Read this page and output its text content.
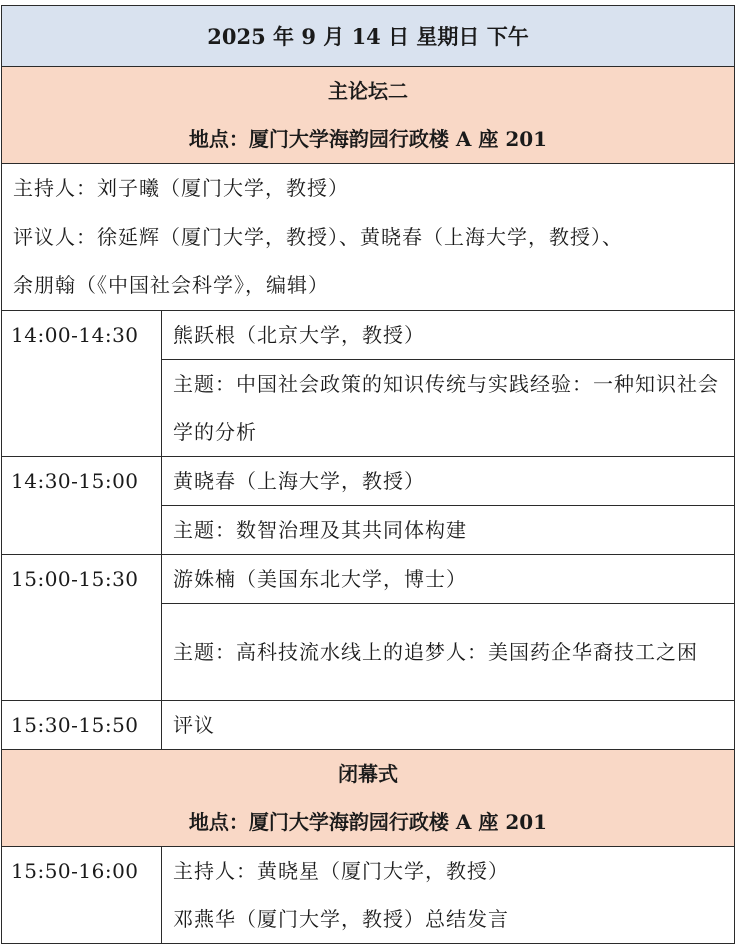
2025 年 9 月 14 日 星期日 下午	

主论坛二
地点：厦门大学海韵园行政楼 A 座 201	

主持人：刘子曦（厦门大学，教授）
评议人：徐延辉（厦门大学，教授）、黄晓春（上海大学，教授）、
余朋翰（《中国社会科学》，编辑）	

14:00-14:30	熊跃根（北京大学，教授）
	主题：中国社会政策的知识传统与实践经验：一种知识社会学的分析

14:30-15:00	黄晓春（上海大学，教授）
	主题：数智治理及其共同体构建

15:00-15:30	游姝楠（美国东北大学，博士）
	主题：高科技流水线上的追梦人：美国药企华裔技工之困

15:30-15:50	评议

闭幕式
地点：厦门大学海韵园行政楼 A 座 201	

15:50-16:00	主持人：黄晓星（厦门大学，教授）
	邓燕华（厦门大学，教授）总结发言
